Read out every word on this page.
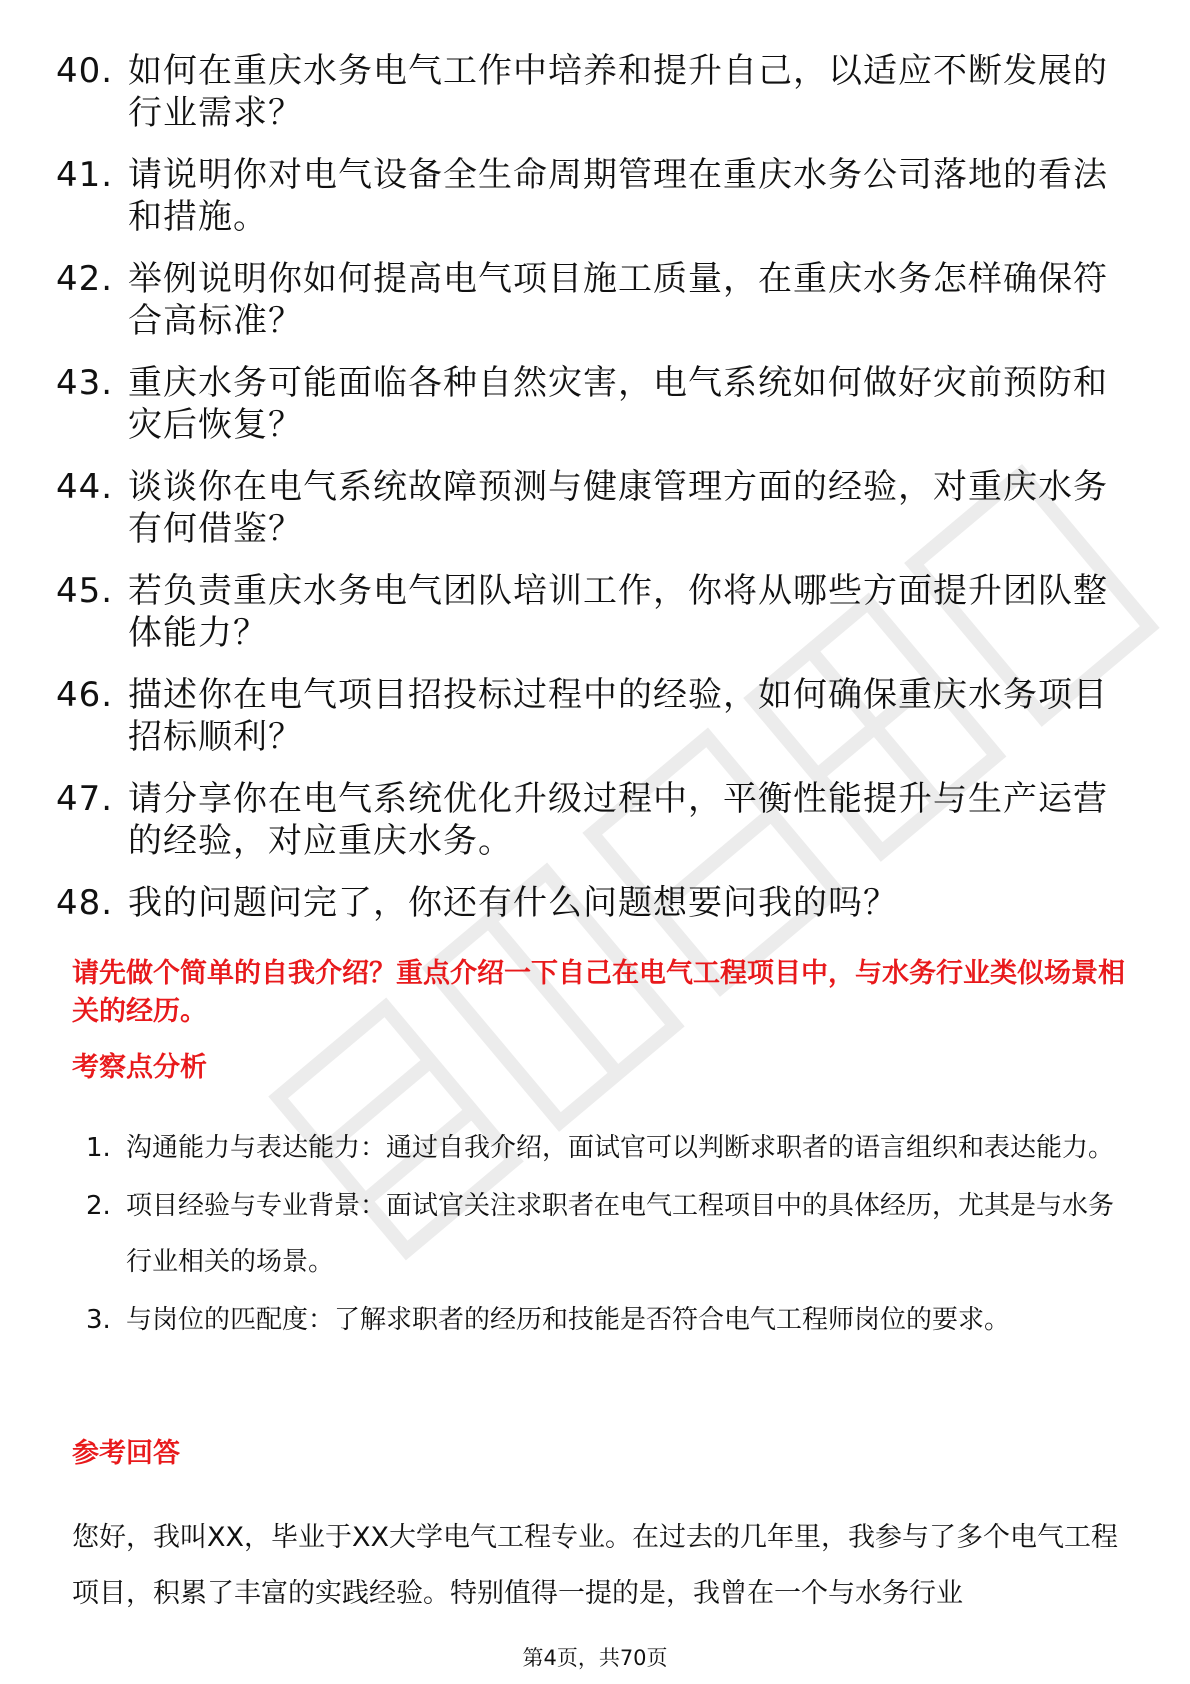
40. 如何在重庆水务电气工作中培养和提升自己，以适应不断发展的行业需求？
41. 请说明你对电气设备全生命周期管理在重庆水务公司落地的看法和措施。
42. 举例说明你如何提高电气项目施工质量，在重庆水务怎样确保符合高标准？
43. 重庆水务可能面临各种自然灾害，电气系统如何做好灾前预防和灾后恢复？
44. 谈谈你在电气系统故障预测与健康管理方面的经验，对重庆水务有何借鉴？
45. 若负责重庆水务电气团队培训工作，你将从哪些方面提升团队整体能力？
46. 描述你在电气项目招投标过程中的经验，如何确保重庆水务项目招标顺利？
47. 请分享你在电气系统优化升级过程中，平衡性能提升与生产运营的经验，对应重庆水务。
48. 我的问题问完了，你还有什么问题想要问我的吗？

请先做个简单的自我介绍？重点介绍一下自己在电气工程项目中，与水务行业类似场景相关的经历。

考察点分析
1. 沟通能力与表达能力：通过自我介绍，面试官可以判断求职者的语言组织和表达能力。
2. 项目经验与专业背景：面试官关注求职者在电气工程项目中的具体经历，尤其是与水务行业相关的场景。
3. 与岗位的匹配度：了解求职者的经历和技能是否符合电气工程师岗位的要求。
参考回答

您好，我叫XX，毕业于XX大学电气工程专业。在过去的几年里，我参与了多个电气工程项目，积累了丰富的实践经验。特别值得一提的是，我曾在一个与水务行业

第4页，共70页
